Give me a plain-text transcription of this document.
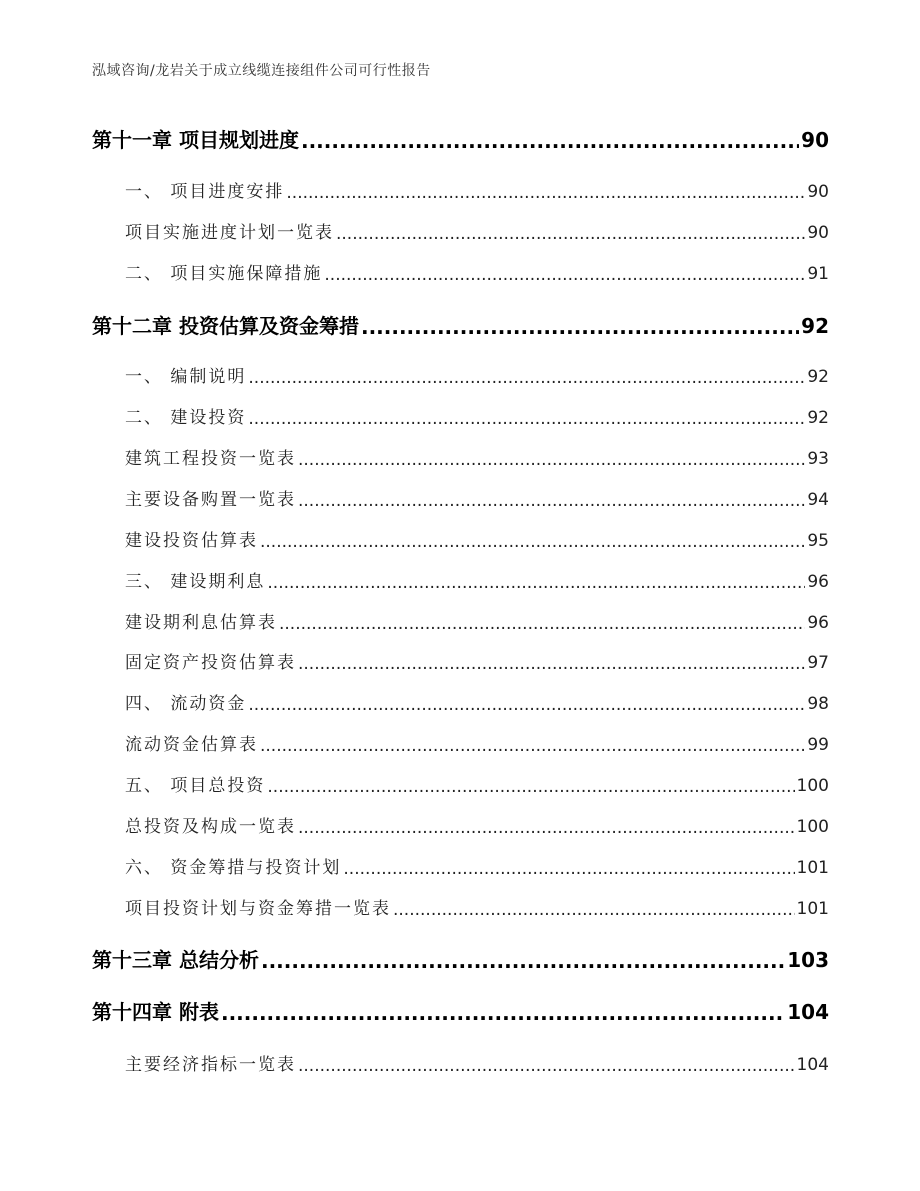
泓域咨询/龙岩关于成立线缆连接组件公司可行性报告
第十一章 项目规划进度 .....	90
一、 项目进度安排 .....	90
项目实施进度计划一览表 .....	90
二、 项目实施保障措施 .....	91
第十二章 投资估算及资金筹措 .....	92
一、 编制说明 .....	92
二、 建设投资 .....	92
建筑工程投资一览表 .....	93
主要设备购置一览表 .....	94
建设投资估算表 .....	95
三、 建设期利息 .....	96
建设期利息估算表 .....	96
固定资产投资估算表 .....	97
四、 流动资金 .....	98
流动资金估算表 .....	99
五、 项目总投资 .....	100
总投资及构成一览表 .....	100
六、 资金筹措与投资计划 .....	101
项目投资计划与资金筹措一览表 .....	101
第十三章 总结分析 .....	103
第十四章 附表 .....	104
主要经济指标一览表 .....	104
